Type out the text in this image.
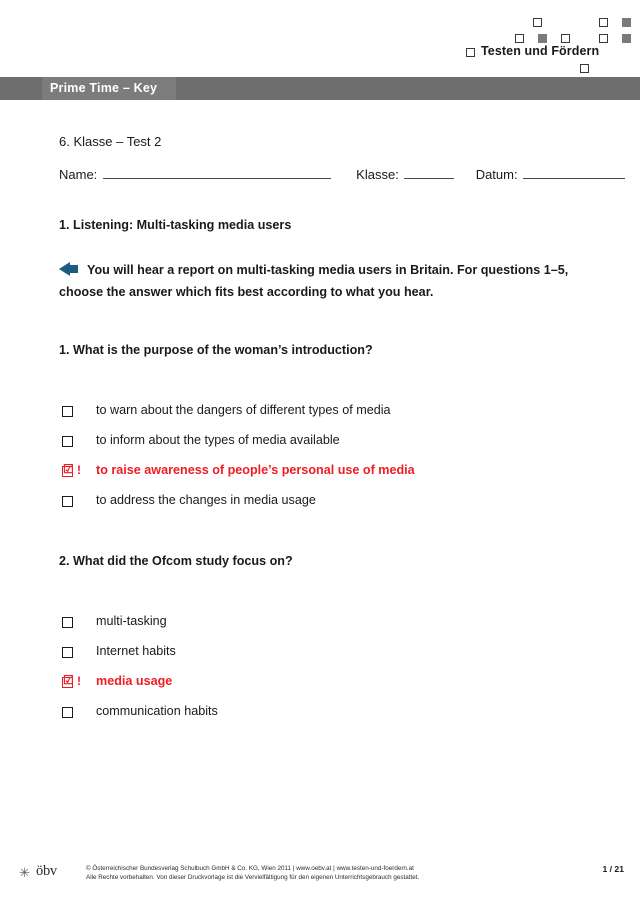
Testen und Fördern
Prime Time – Key
6. Klasse – Test 2
Name:	Klasse:	Datum:
1. Listening: Multi-tasking media users
You will hear a report on multi-tasking media users in Britain. For questions 1–5, choose the answer which fits best according to what you hear.
1. What is the purpose of the woman’s introduction?
to warn about the dangers of different types of media
to inform about the types of media available
☑ ! to raise awareness of people’s personal use of media
to address the changes in media usage
2. What did the Ofcom study focus on?
multi-tasking
Internet habits
☑ ! media usage
communication habits
✳ öbv	© Österreichischer Bundesverlag Schulbuch GmbH & Co. KG, Wien 2011 | www.oebv.at | www.testen-und-foerdern.at
Alle Rechte vorbehalten. Von dieser Druckvorlage ist die Vervielfältigung für den eigenen Unterrichtsgebrauch gestattet.
1 / 21
